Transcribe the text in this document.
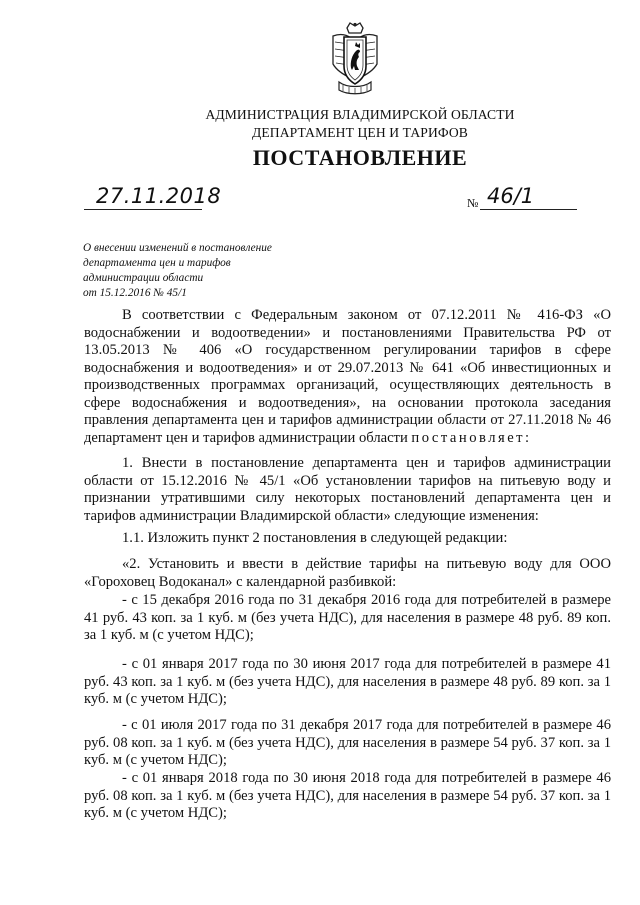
АДМИНИСТРАЦИЯ ВЛАДИМИРСКОЙ ОБЛАСТИ
ДЕПАРТАМЕНТ ЦЕН И ТАРИФОВ
ПОСТАНОВЛЕНИЕ
27.11.2018	№ 46/1
О внесении изменений в постановление
департамента цен и тарифов
администрации области
от 15.12.2016 № 45/1

В соответствии с Федеральным законом от 07.12.2011 № 416-ФЗ «О водоснабжении и водоотведении» и постановлениями Правительства РФ от 13.05.2013 № 406 «О государственном регулировании тарифов в сфере водоснабжения и водоотведения» и от 29.07.2013 № 641 «Об инвестиционных и производственных программах организаций, осуществляющих деятельность в сфере водоснабжения и водоотведения», на основании протокола заседания правления департамента цен и тарифов администрации области от 27.11.2018 № 46 департамент цен и тарифов администрации области постановляет:

1. Внести в постановление департамента цен и тарифов администрации области от 15.12.2016 № 45/1 «Об установлении тарифов на питьевую воду и признании утратившими силу некоторых постановлений департамента цен и тарифов администрации Владимирской области» следующие изменения:

1.1. Изложить пункт 2 постановления в следующей редакции:

«2. Установить и ввести в действие тарифы на питьевую воду для ООО «Гороховец Водоканал» с календарной разбивкой:

- с 15 декабря 2016 года по 31 декабря 2016 года для потребителей в размере 41 руб. 43 коп. за 1 куб. м (без учета НДС), для населения в размере 48 руб. 89 коп. за 1 куб. м (с учетом НДС);

- с 01 января 2017 года по 30 июня 2017 года для потребителей в размере 41 руб. 43 коп. за 1 куб. м (без учета НДС), для населения в размере 48 руб. 89 коп. за 1 куб. м (с учетом НДС);

- с 01 июля 2017 года по 31 декабря 2017 года для потребителей в размере 46 руб. 08 коп. за 1 куб. м (без учета НДС), для населения в размере 54 руб. 37 коп. за 1 куб. м (с учетом НДС);

- с 01 января 2018 года по 30 июня 2018 года для потребителей в размере 46 руб. 08 коп. за 1 куб. м (без учета НДС), для населения в размере 54 руб. 37 коп. за 1 куб. м (с учетом НДС);
